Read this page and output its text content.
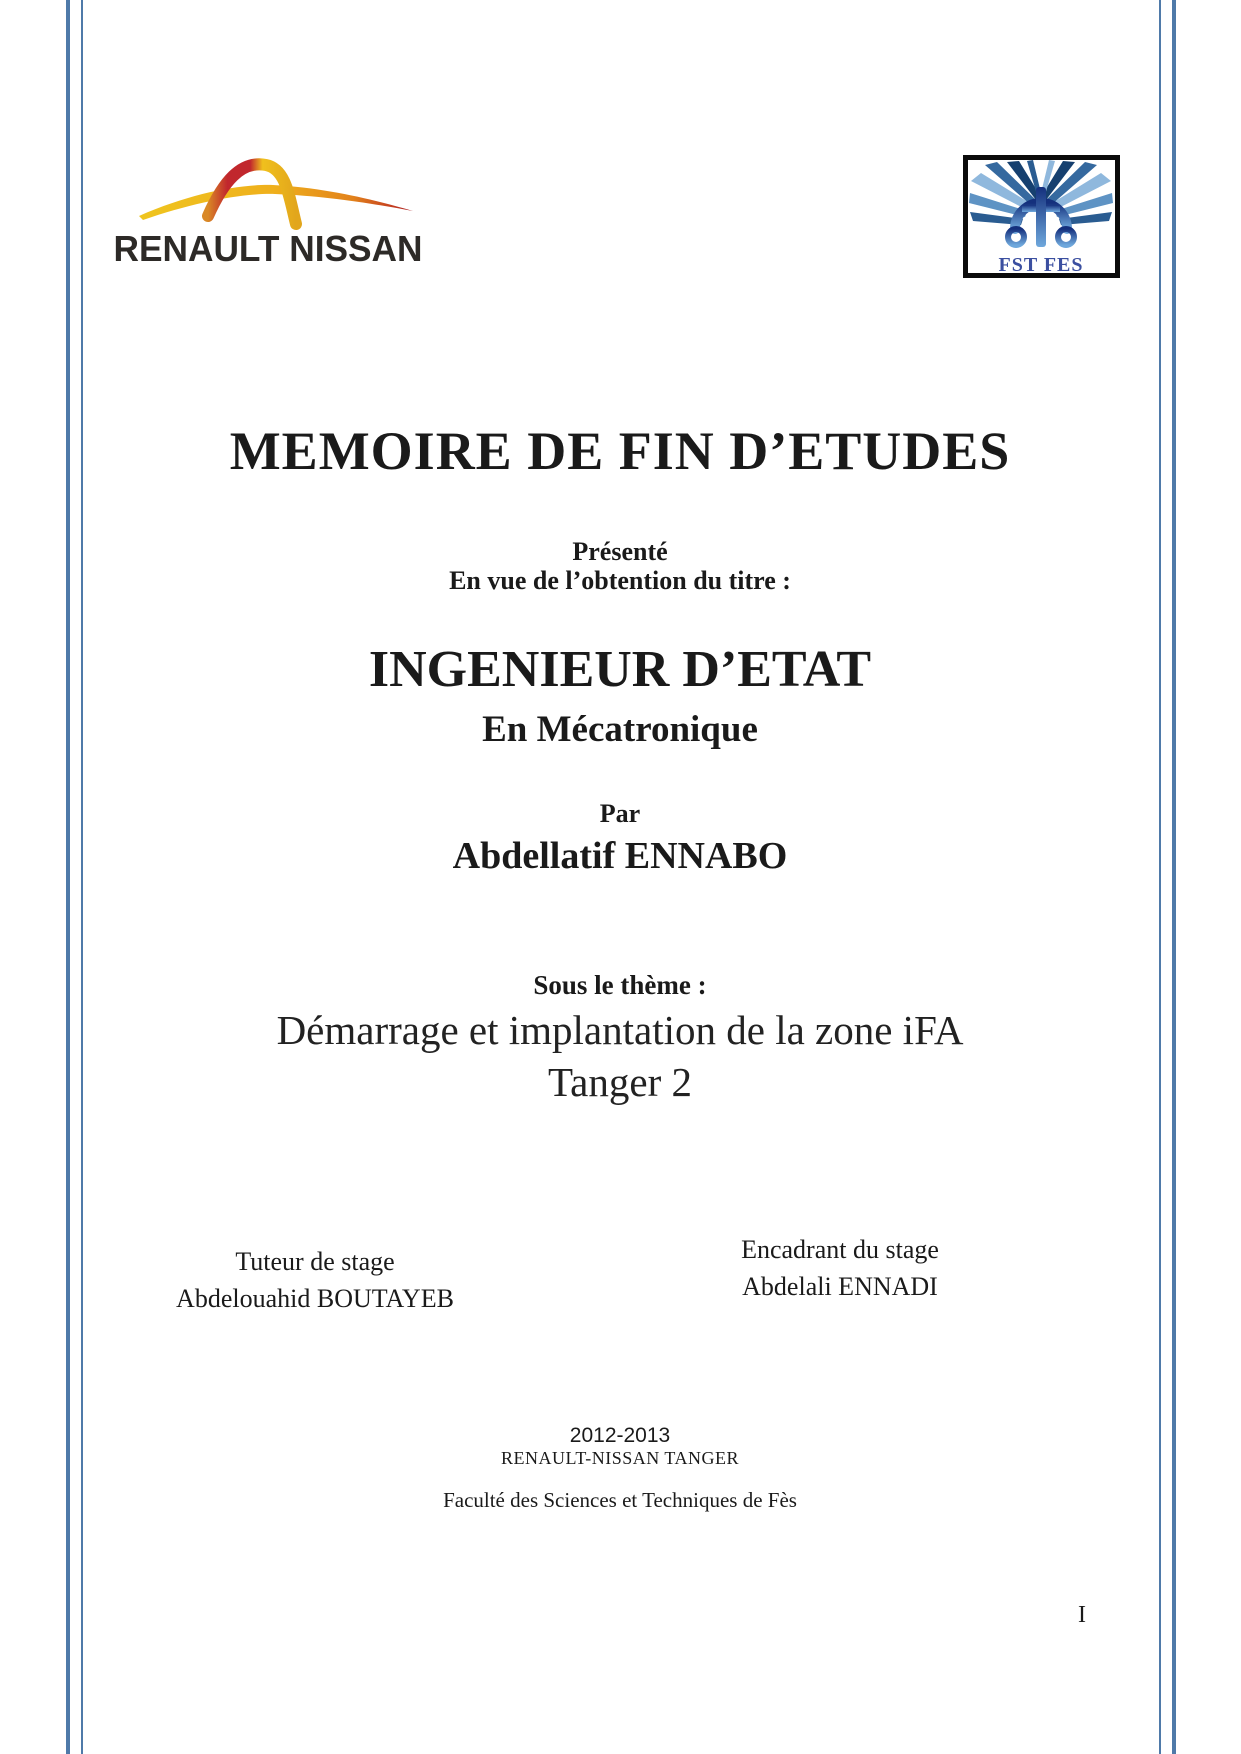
RENAULT NISSAN	FST FES
MEMOIRE DE FIN D’ETUDES
Présenté
En vue de l’obtention du titre :
INGENIEUR D’ETAT
En Mécatronique
Par
Abdellatif ENNABO
Sous le thème :
Démarrage et implantation de la zone iFA
Tanger 2
Tuteur de stage
Abdelouahid BOUTAYEB
Encadrant du stage
Abdelali ENNADI
2012-2013
RENAULT-NISSAN TANGER
Faculté des Sciences et Techniques de Fès
I
